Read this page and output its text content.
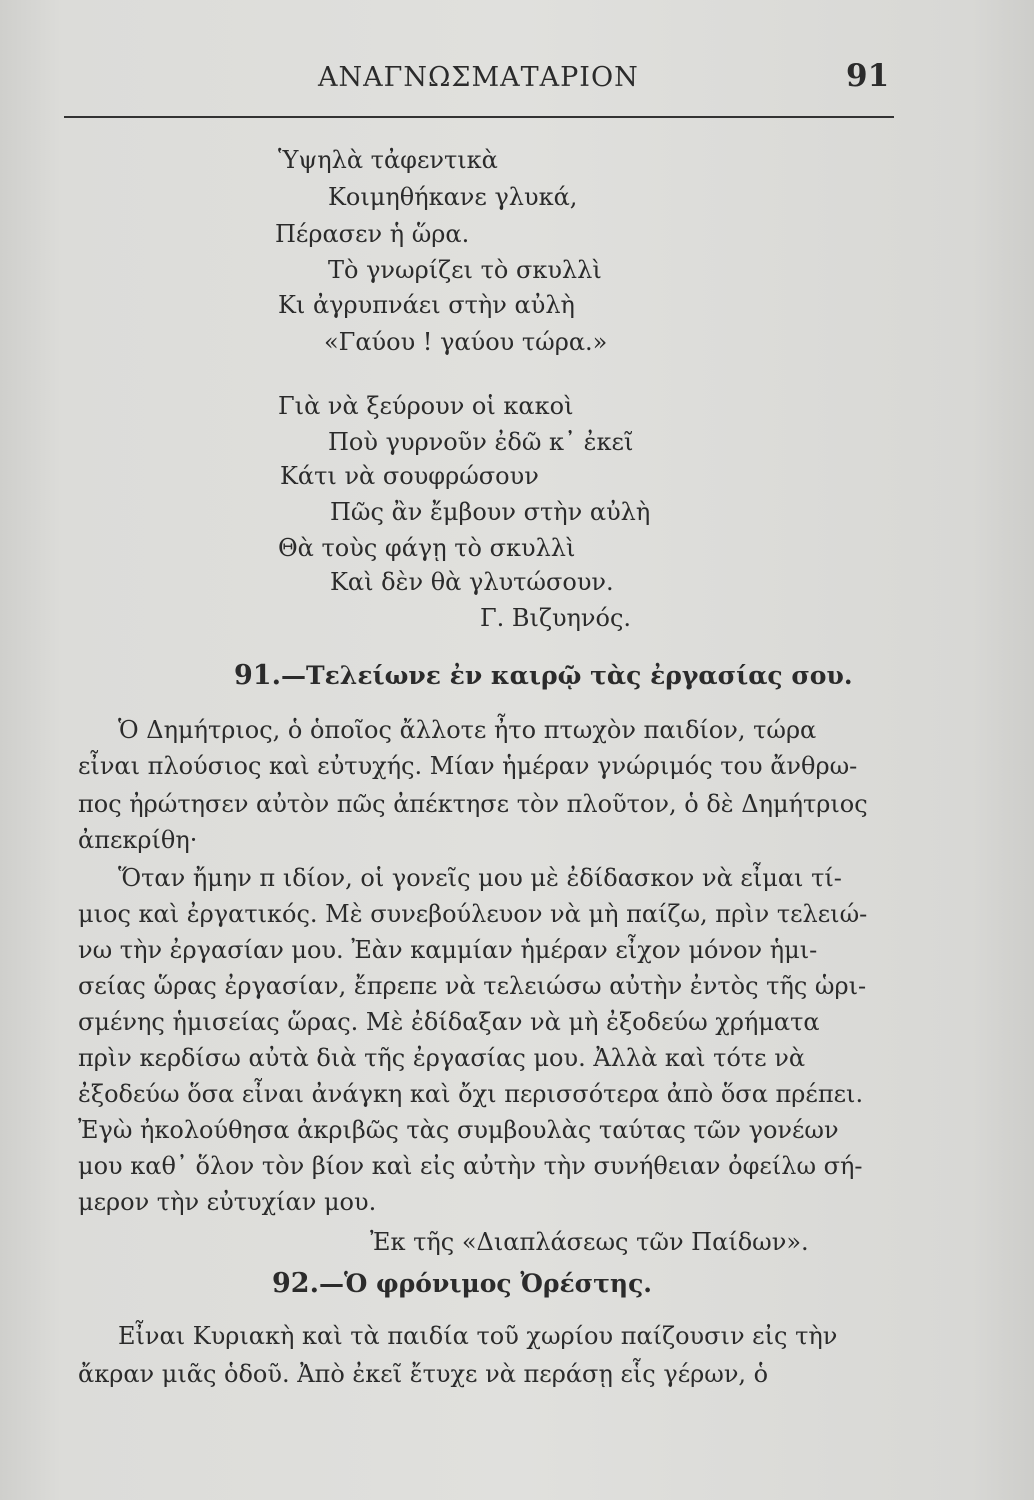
ΑΝΑΓΝΩΣΜΑΤΑΡΙΟΝ	91
Ὑψηλὰ τἀφεντικὰ
Κοιμηθήκανε γλυκά,
Πέρασεν ἡ ὥρα.
Τὸ γνωρίζει τὸ σκυλλὶ
Κι ἀγρυπνάει στὴν αὐλὴ
«Γαύου ! γαύου τώρα.»
Γιὰ νὰ ξεύρουν οἱ κακοὶ
Ποὺ γυρνοῦν ἐδῶ κ᾽ ἐκεῖ
Κάτι νὰ σουφρώσουν
Πῶς ἂν ἔμβουν στὴν αὐλὴ
Θὰ τοὺς φάγῃ τὸ σκυλλὶ
Καὶ δὲν θὰ γλυτώσουν.
Γ. Βιζυηνός.
91.—Τελείωνε ἐν καιρῷ τὰς ἐργασίας σου.
Ὁ Δημήτριος, ὁ ὁποῖος ἄλλοτε ἦτο πτωχὸν παιδίον, τώρα
εἶναι πλούσιος καὶ εὐτυχής. Μίαν ἡμέραν γνώριμός του ἄνθρω-
πος ἠρώτησεν αὐτὸν πῶς ἀπέκτησε τὸν πλοῦτον, ὁ δὲ Δημήτριος
ἀπεκρίθη·
Ὅταν ἤμην π ιδίον, οἱ γονεῖς μου μὲ ἐδίδασκον νὰ εἶμαι τί-
μιος καὶ ἐργατικός. Μὲ συνεβούλευον νὰ μὴ παίζω, πρὶν τελειώ-
νω τὴν ἐργασίαν μου. Ἐὰν καμμίαν ἡμέραν εἶχον μόνον ἡμι-
σείας ὥρας ἐργασίαν, ἔπρεπε νὰ τελειώσω αὐτὴν ἐντὸς τῆς ὡρι-
σμένης ἡμισείας ὥρας. Μὲ ἐδίδαξαν νὰ μὴ ἐξοδεύω χρήματα
πρὶν κερδίσω αὐτὰ διὰ τῆς ἐργασίας μου. Ἀλλὰ καὶ τότε νὰ
ἐξοδεύω ὅσα εἶναι ἀνάγκη καὶ ὄχι περισσότερα ἀπὸ ὅσα πρέπει.
Ἐγὼ ἠκολούθησα ἀκριβῶς τὰς συμβουλὰς ταύτας τῶν γονέων
μου καθ᾽ ὅλον τὸν βίον καὶ εἰς αὐτὴν τὴν συνήθειαν ὀφείλω σή-
μερον τὴν εὐτυχίαν μου.
Ἐκ τῆς «Διαπλάσεως τῶν Παίδων».
92.—Ὁ φρόνιμος Ὀρέστης.
Εἶναι Κυριακὴ καὶ τὰ παιδία τοῦ χωρίου παίζουσιν εἰς τὴν
ἄκραν μιᾶς ὁδοῦ. Ἀπὸ ἐκεῖ ἔτυχε νὰ περάσῃ εἷς γέρων, ὁ
